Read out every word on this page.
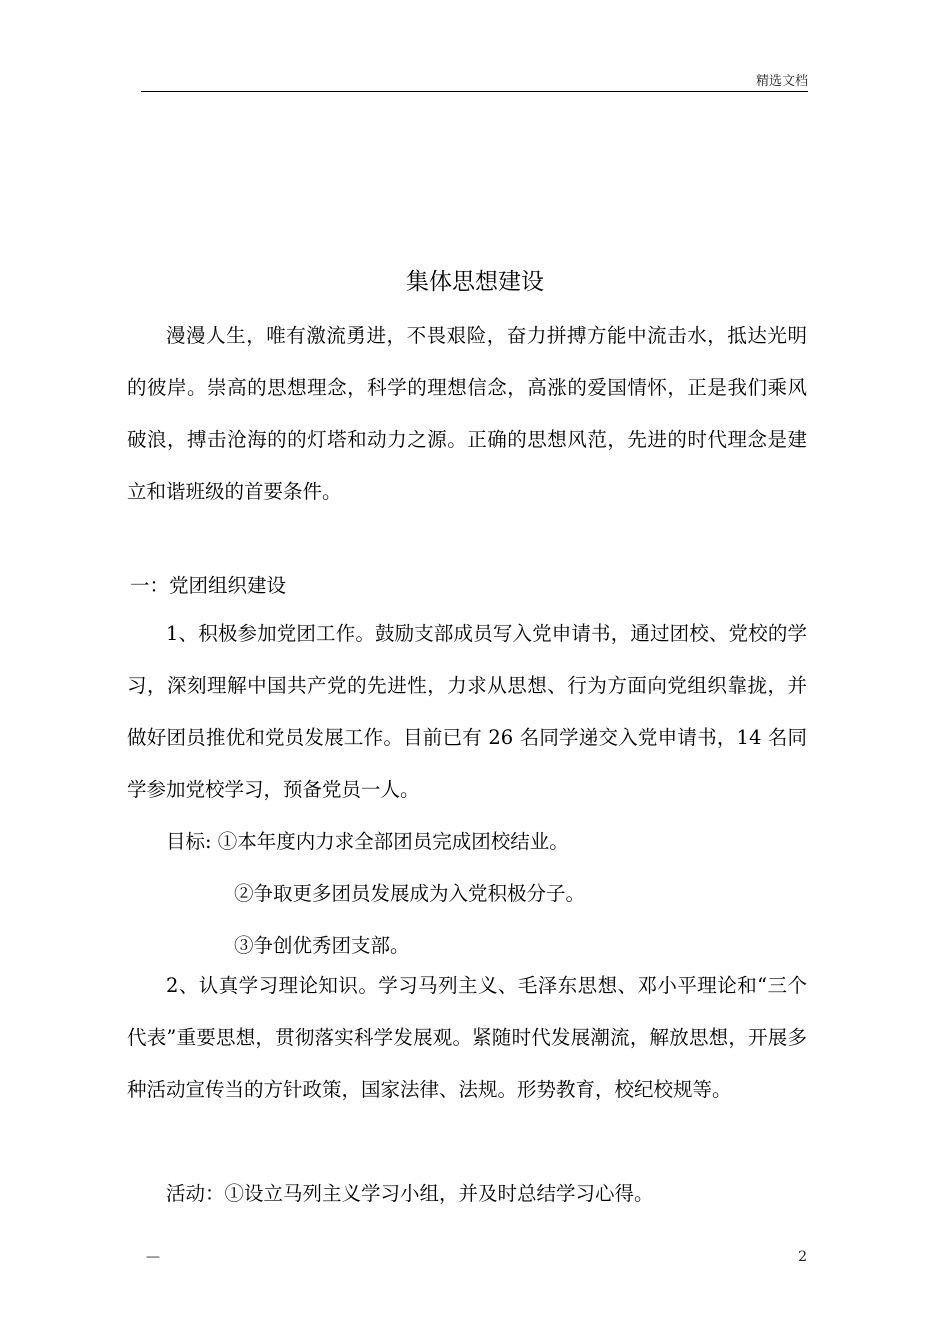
精选文档
集体思想建设

漫漫人生，唯有激流勇进，不畏艰险，奋力拼搏方能中流击水，抵达光明的彼岸。崇高的思想理念，科学的理想信念，高涨的爱国情怀，正是我们乘风破浪，搏击沧海的的灯塔和动力之源。正确的思想风范，先进的时代理念是建立和谐班级的首要条件。

一：党团组织建设

1、积极参加党团工作。鼓励支部成员写入党申请书，通过团校、党校的学习，深刻理解中国共产党的先进性，力求从思想、行为方面向党组织靠拢，并做好团员推优和党员发展工作。目前已有 26 名同学递交入党申请书，14 名同学参加党校学习，预备党员一人。

目标: ①本年度内力求全部团员完成团校结业。

②争取更多团员发展成为入党积极分子。

③争创优秀团支部。

2、认真学习理论知识。学习马列主义、毛泽东思想、邓小平理论和“三个代表”重要思想，贯彻落实科学发展观。紧随时代发展潮流，解放思想，开展多种活动宣传当的方针政策，国家法律、法规。形势教育，校纪校规等。

活动：①设立马列主义学习小组，并及时总结学习心得。

—	2
